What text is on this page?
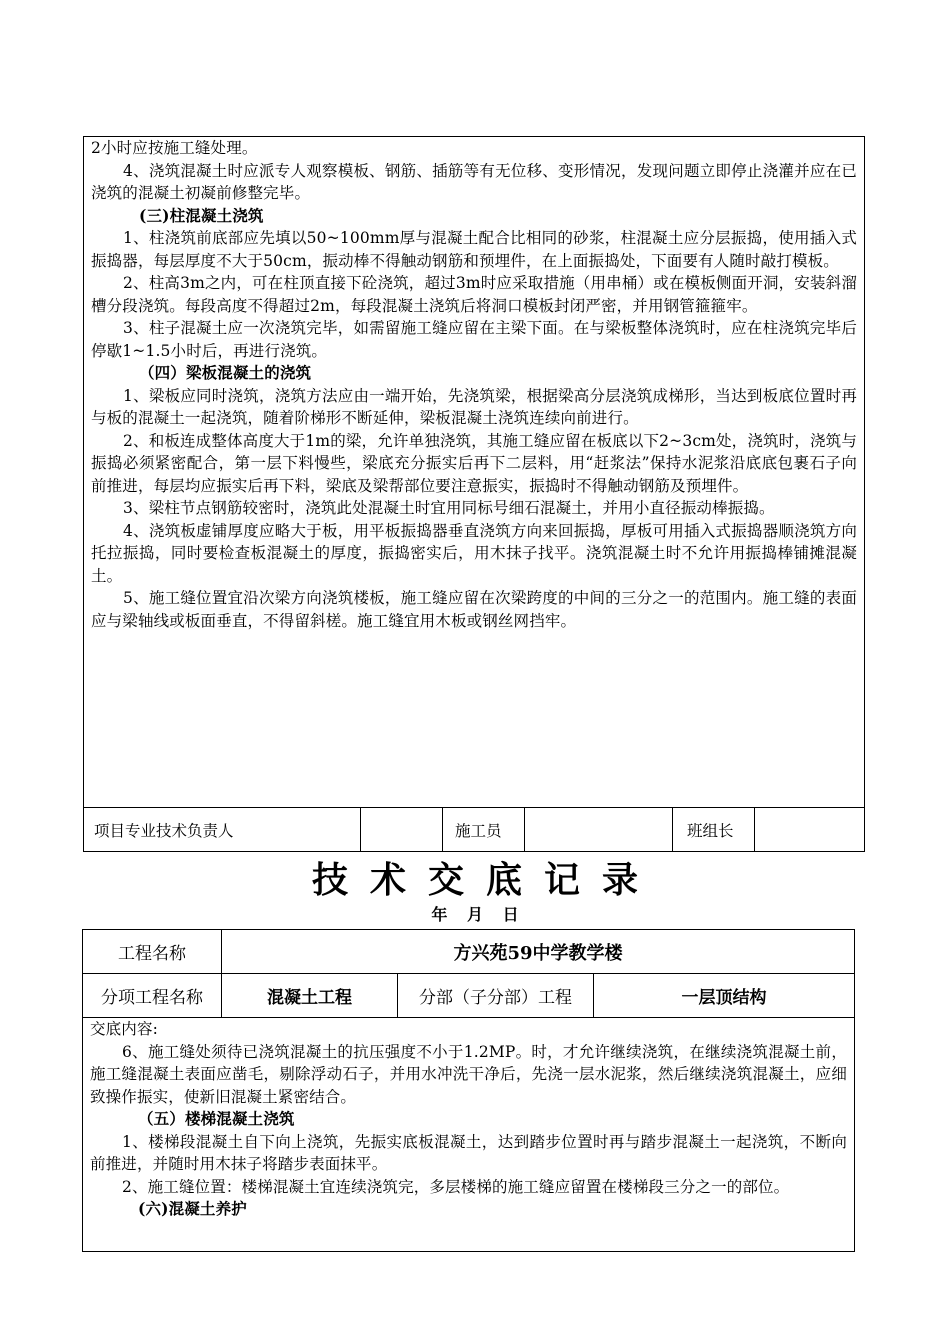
2小时应按施工缝处理。

4、浇筑混凝土时应派专人观察模板、钢筋、插筋等有无位移、变形情况，发现问题立即停止浇灌并应在已浇筑的混凝土初凝前修整完毕。

(三)柱混凝土浇筑

1、柱浇筑前底部应先填以50~100mm厚与混凝土配合比相同的砂浆，柱混凝土应分层振捣，使用插入式振捣器，每层厚度不大于50cm，振动棒不得触动钢筋和预埋件，在上面振捣处，下面要有人随时敲打模板。

2、柱高3m之内，可在柱顶直接下砼浇筑，超过3m时应采取措施（用串桶）或在模板侧面开洞，安装斜溜槽分段浇筑。每段高度不得超过2m，每段混凝土浇筑后将洞口模板封闭严密，并用钢管箍箍牢。

3、柱子混凝土应一次浇筑完毕，如需留施工缝应留在主梁下面。在与梁板整体浇筑时，应在柱浇筑完毕后停歇1~1.5小时后，再进行浇筑。

（四）梁板混凝土的浇筑

1、梁板应同时浇筑，浇筑方法应由一端开始，先浇筑梁，根据梁高分层浇筑成梯形，当达到板底位置时再与板的混凝土一起浇筑，随着阶梯形不断延伸，梁板混凝土浇筑连续向前进行。

2、和板连成整体高度大于1m的梁，允许单独浇筑，其施工缝应留在板底以下2~3cm处，浇筑时，浇筑与振捣必须紧密配合，第一层下料慢些，梁底充分振实后再下二层料，用“赶浆法”保持水泥浆沿底底包裹石子向前推进，每层均应振实后再下料，梁底及梁帮部位要注意振实，振捣时不得触动钢筋及预埋件。

3、梁柱节点钢筋较密时，浇筑此处混凝土时宜用同标号细石混凝土，并用小直径振动棒振捣。

4、浇筑板虚铺厚度应略大于板，用平板振捣器垂直浇筑方向来回振捣，厚板可用插入式振捣器顺浇筑方向托拉振捣，同时要检查板混凝土的厚度，振捣密实后，用木抹子找平。浇筑混凝土时不允许用振捣棒铺摊混凝土。

5、施工缝位置宜沿次梁方向浇筑楼板，施工缝应留在次梁跨度的中间的三分之一的范围内。施工缝的表面应与梁轴线或板面垂直，不得留斜槎。施工缝宜用木板或钢丝网挡牢。

项目专业技术负责人	施工员	班组长
技术交底记录
年 月 日
工程名称	方兴苑59中学教学楼
分项工程名称	混凝土工程	分部（子分部）工程	一层顶结构

交底内容:

6、施工缝处须待已浇筑混凝土的抗压强度不小于1.2MP。时，才允许继续浇筑，在继续浇筑混凝土前，施工缝混凝土表面应凿毛，剔除浮动石子，并用水冲洗干净后，先浇一层水泥浆，然后继续浇筑混凝土，应细致操作振实，使新旧混凝土紧密结合。

（五）楼梯混凝土浇筑

1、楼梯段混凝土自下向上浇筑，先振实底板混凝土，达到踏步位置时再与踏步混凝土一起浇筑，不断向前推进，并随时用木抹子将踏步表面抹平。

2、施工缝位置：楼梯混凝土宜连续浇筑完，多层楼梯的施工缝应留置在楼梯段三分之一的部位。

(六)混凝土养护
